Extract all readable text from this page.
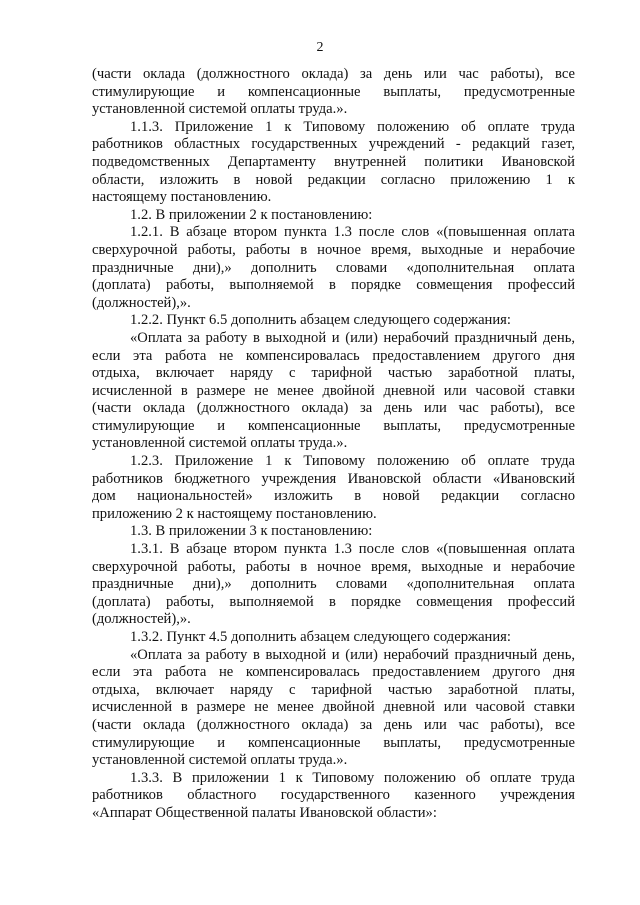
2
(части оклада (должностного оклада) за день или час работы), все
стимулирующие и компенсационные выплаты, предусмотренные
установленной системой оплаты труда.».
1.1.3. Приложение 1 к Типовому положению об оплате труда
работников областных государственных учреждений - редакций газет,
подведомственных Департаменту внутренней политики Ивановской
области, изложить в новой редакции согласно приложению 1 к
настоящему постановлению.
1.2. В приложении 2 к постановлению:
1.2.1. В абзаце втором пункта 1.3 после слов «(повышенная оплата
сверхурочной работы, работы в ночное время, выходные и нерабочие
праздничные дни),» дополнить словами «дополнительная оплата
(доплата) работы, выполняемой в порядке совмещения профессий
(должностей),».
1.2.2. Пункт 6.5 дополнить абзацем следующего содержания:
«Оплата за работу в выходной и (или) нерабочий праздничный день,
если эта работа не компенсировалась предоставлением другого дня
отдыха, включает наряду с тарифной частью заработной платы,
исчисленной в размере не менее двойной дневной или часовой ставки
(части оклада (должностного оклада) за день или час работы), все
стимулирующие и компенсационные выплаты, предусмотренные
установленной системой оплаты труда.».
1.2.3. Приложение 1 к Типовому положению об оплате труда
работников бюджетного учреждения Ивановской области «Ивановский
дом национальностей» изложить в новой редакции согласно
приложению 2 к настоящему постановлению.
1.3. В приложении 3 к постановлению:
1.3.1. В абзаце втором пункта 1.3 после слов «(повышенная оплата
сверхурочной работы, работы в ночное время, выходные и нерабочие
праздничные дни),» дополнить словами «дополнительная оплата
(доплата) работы, выполняемой в порядке совмещения профессий
(должностей),».
1.3.2. Пункт 4.5 дополнить абзацем следующего содержания:
«Оплата за работу в выходной и (или) нерабочий праздничный день,
если эта работа не компенсировалась предоставлением другого дня
отдыха, включает наряду с тарифной частью заработной платы,
исчисленной в размере не менее двойной дневной или часовой ставки
(части оклада (должностного оклада) за день или час работы), все
стимулирующие и компенсационные выплаты, предусмотренные
установленной системой оплаты труда.».
1.3.3. В приложении 1 к Типовому положению об оплате труда
работников областного государственного казенного учреждения
«Аппарат Общественной палаты Ивановской области»:
